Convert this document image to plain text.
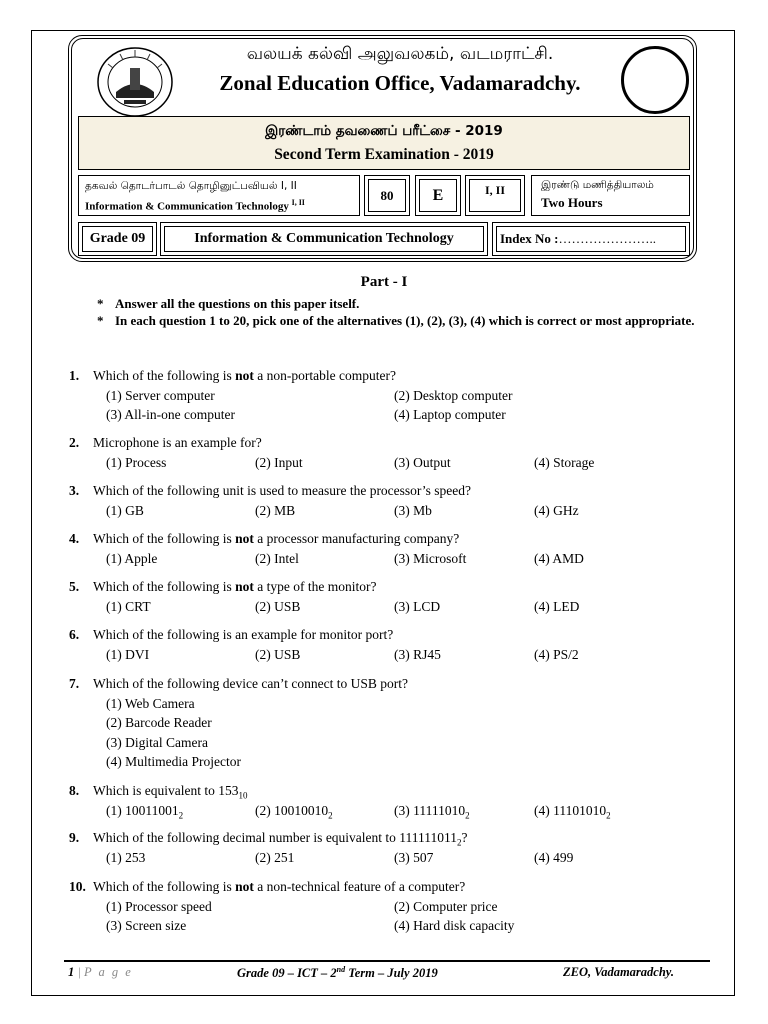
வலயக் கல்வி அலுவலகம், வடமராட்சி.
Zonal Education Office, Vadamaradchy.
இரண்டாம் தவணைப் பரீட்சை - 2019
Second Term Examination - 2019
தகவல் தொடர்பாடல் தொழினுட்பவியல் I, II
Information & Communication Technology $^{I, II}$	80	E	I, II	இரண்டு மணித்தியாலம்
Two Hours
Grade 09	Information & Communication Technology	Index No : …………………..
Part - I
* Answer all the questions on this paper itself.
* In each question 1 to 20, pick one of the alternatives (1), (2), (3), (4) which is correct or most appropriate.
1. Which of the following is not a non-portable computer?
(1) Server computer	(2) Desktop computer
(3) All-in-one computer	(4) Laptop computer
2. Microphone is an example for?
(1) Process	(2) Input	(3) Output	(4) Storage
3. Which of the following unit is used to measure the processor’s speed?
(1) GB	(2) MB	(3) Mb	(4) GHz
4. Which of the following is not a processor manufacturing company?
(1) Apple	(2) Intel	(3) Microsoft	(4) AMD
5. Which of the following is not a type of the monitor?
(1) CRT	(2) USB	(3) LCD	(4) LED
6. Which of the following is an example for monitor port?
(1) DVI	(2) USB	(3) RJ45	(4) PS/2
7. Which of the following device can’t connect to USB port?
(1) Web Camera
(2) Barcode Reader
(3) Digital Camera
(4) Multimedia Projector
8. Which is equivalent to $153_{10}$
(1) $10011001_2$	(2) $10010010_2$	(3) $11111010_2$	(4) $11101010_2$
9. Which of the following decimal number is equivalent to $111111011_2$?
(1) 253	(2) 251	(3) 507	(4) 499
10. Which of the following is not a non-technical feature of a computer?
(1) Processor speed	(2) Computer price
(3) Screen size	(4) Hard disk capacity
1 | P a g e	Grade 09 – ICT – 2nd Term – July 2019	ZEO, Vadamaradchy.
